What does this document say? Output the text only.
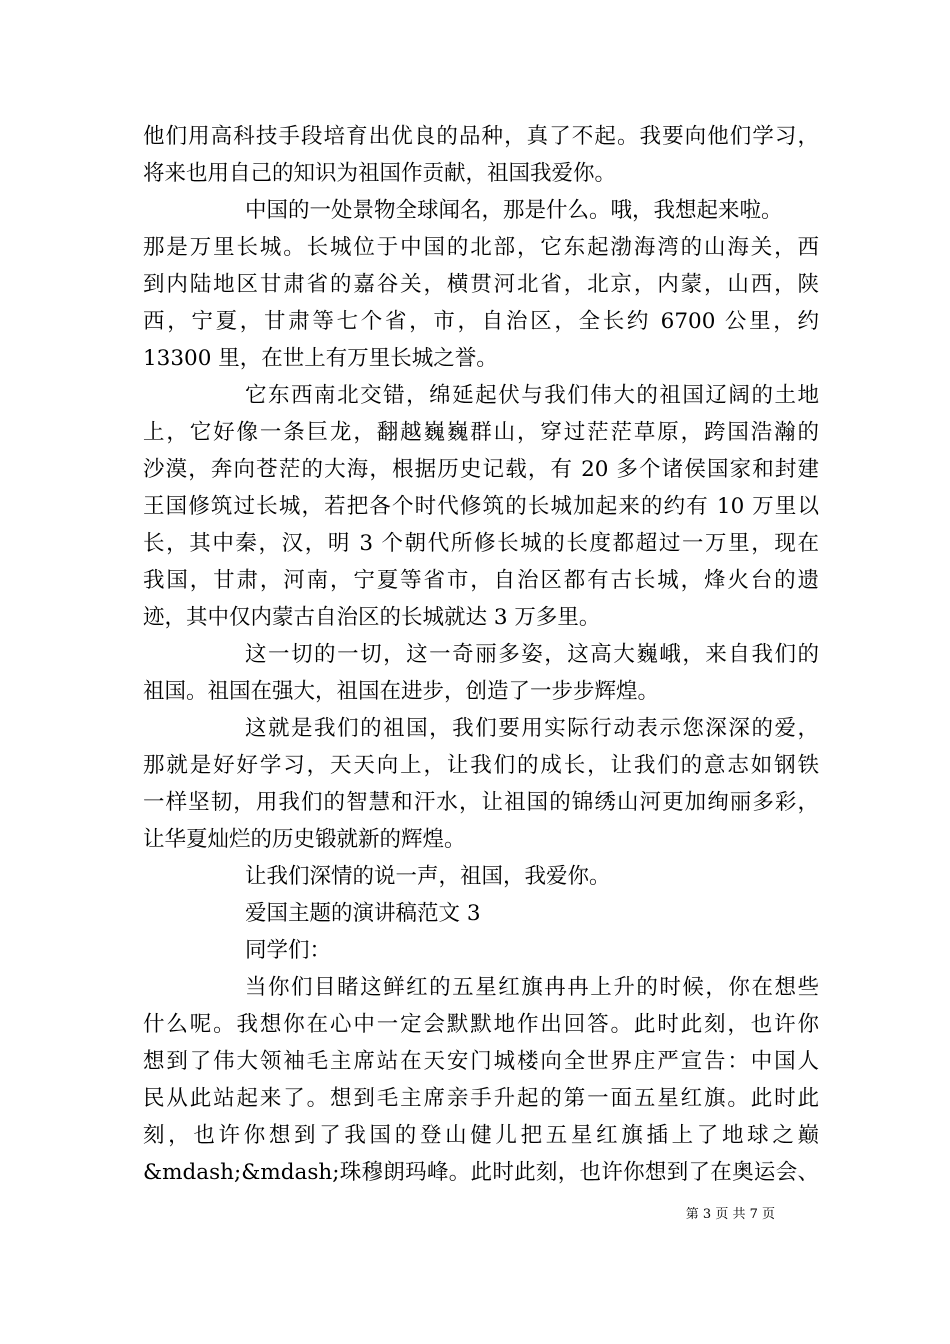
他们用高科技手段培育出优良的品种，真了不起。我要向他们学习，
将来也用自己的知识为祖国作贡献，祖国我爱你。
中国的一处景物全球闻名，那是什么。哦，我想起来啦。
那是万里长城。长城位于中国的北部，它东起渤海湾的山海关，西
到内陆地区甘肃省的嘉谷关，横贯河北省，北京，内蒙，山西，陕
西，宁夏，甘肃等七个省，市，自治区，全长约 6700 公里，约
13300 里，在世上有万里长城之誉。
它东西南北交错，绵延起伏与我们伟大的祖国辽阔的土地
上，它好像一条巨龙，翻越巍巍群山，穿过茫茫草原，跨国浩瀚的
沙漠，奔向苍茫的大海，根据历史记载，有 20 多个诸侯国家和封建
王国修筑过长城，若把各个时代修筑的长城加起来的约有 10 万里以
长，其中秦，汉，明 3 个朝代所修长城的长度都超过一万里，现在
我国，甘肃，河南，宁夏等省市，自治区都有古长城，烽火台的遗
迹，其中仅内蒙古自治区的长城就达 3 万多里。
这一切的一切，这一奇丽多姿，这高大巍峨，来自我们的
祖国。祖国在强大，祖国在进步，创造了一步步辉煌。
这就是我们的祖国，我们要用实际行动表示您深深的爱，
那就是好好学习，天天向上，让我们的成长，让我们的意志如钢铁
一样坚韧，用我们的智慧和汗水，让祖国的锦绣山河更加绚丽多彩，
让华夏灿烂的历史锻就新的辉煌。
让我们深情的说一声，祖国，我爱你。
爱国主题的演讲稿范文 3
同学们：
当你们目睹这鲜红的五星红旗冉冉上升的时候，你在想些
什么呢。我想你在心中一定会默默地作出回答。此时此刻，也许你
想到了伟大领袖毛主席站在天安门城楼向全世界庄严宣告：中国人
民从此站起来了。想到毛主席亲手升起的第一面五星红旗。此时此
刻，也许你想到了我国的登山健儿把五星红旗插上了地球之巅
&mdash;&mdash;珠穆朗玛峰。此时此刻，也许你想到了在奥运会、
第 3 页 共 7 页
